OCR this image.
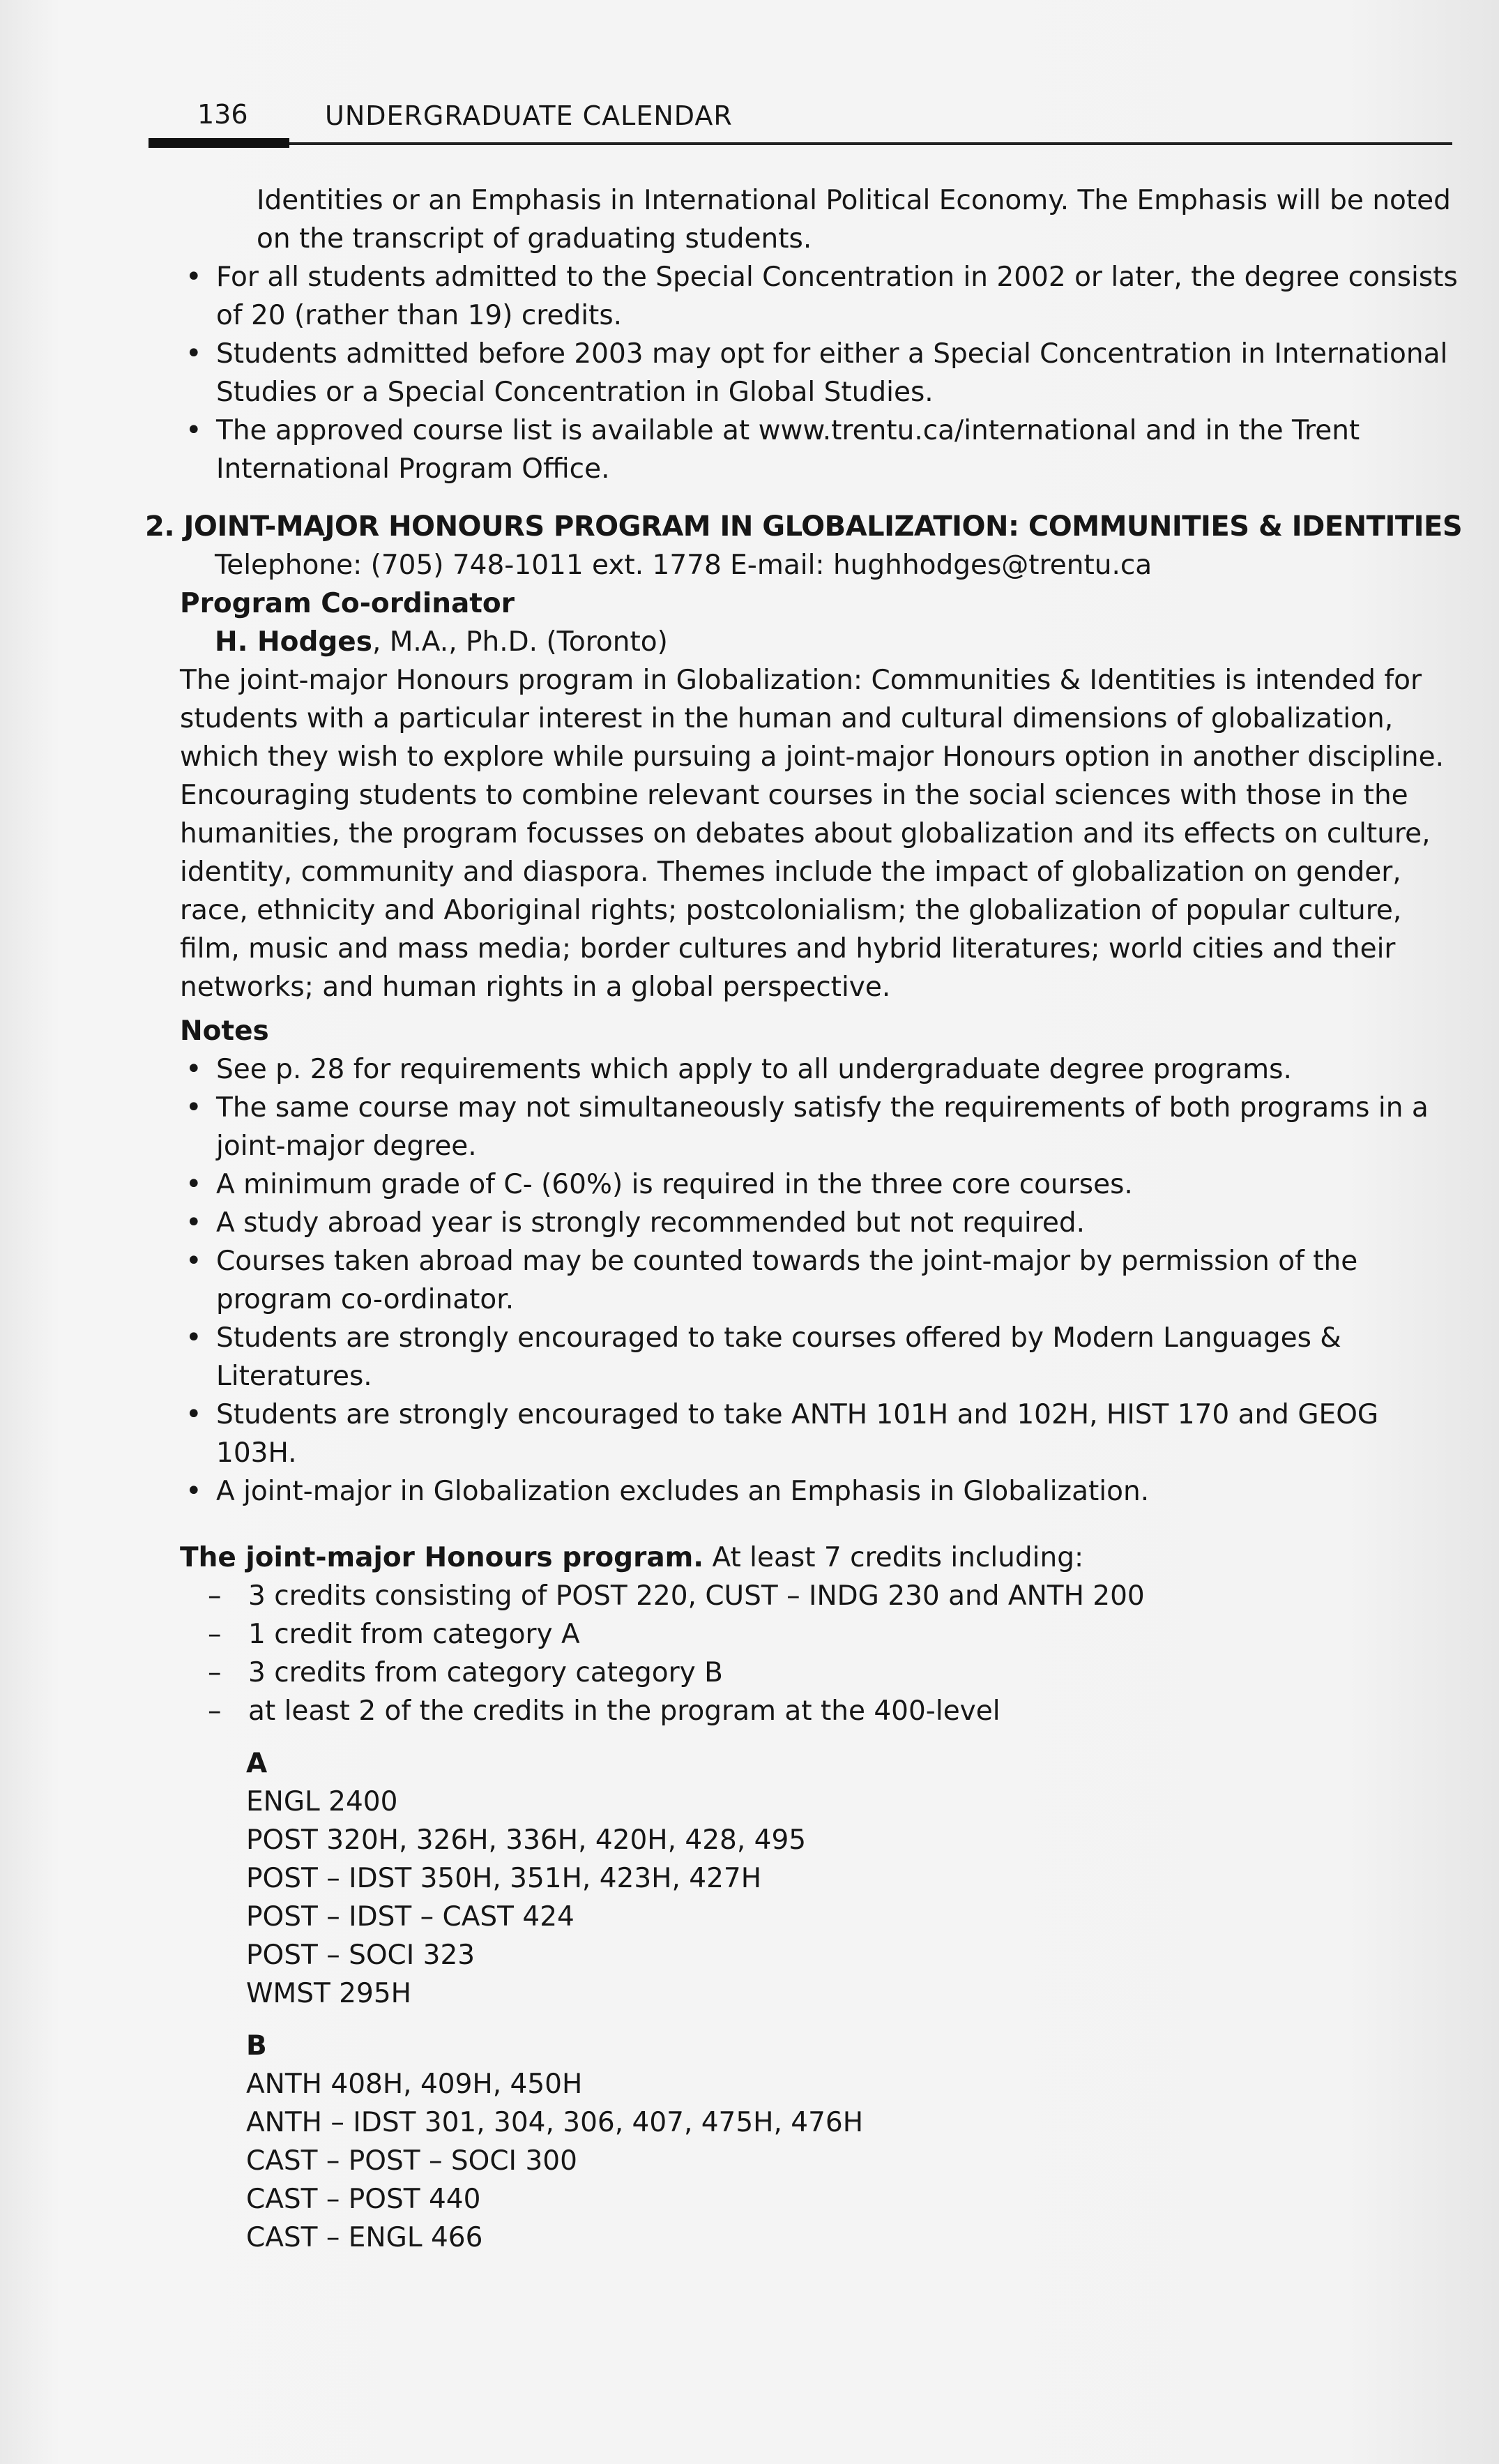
136	UNDERGRADUATE CALENDAR

Identities or an Emphasis in International Political Economy. The Emphasis will be noted on the transcript of graduating students.

• For all students admitted to the Special Concentration in 2002 or later, the degree consists of 20 (rather than 19) credits.
• Students admitted before 2003 may opt for either a Special Concentration in International Studies or a Special Concentration in Global Studies.
• The approved course list is available at www.trentu.ca/international and in the Trent International Program Office.
2. JOINT-MAJOR HONOURS PROGRAM IN GLOBALIZATION: COMMUNITIES & IDENTITIES

Telephone: (705) 748-1011 ext. 1778 E-mail: hughhodges@trentu.ca

Program Co-ordinator

H. Hodges, M.A., Ph.D. (Toronto)

The joint-major Honours program in Globalization: Communities & Identities is intended for students with a particular interest in the human and cultural dimensions of globalization, which they wish to explore while pursuing a joint-major Honours option in another discipline. Encouraging students to combine relevant courses in the social sciences with those in the humanities, the program focusses on debates about globalization and its effects on culture, identity, community and diaspora. Themes include the impact of globalization on gender, race, ethnicity and Aboriginal rights; postcolonialism; the globalization of popular culture, film, music and mass media; border cultures and hybrid literatures; world cities and their networks; and human rights in a global perspective.

Notes

• See p. 28 for requirements which apply to all undergraduate degree programs.
• The same course may not simultaneously satisfy the requirements of both programs in a joint-major degree.
• A minimum grade of C- (60%) is required in the three core courses.
• A study abroad year is strongly recommended but not required.
• Courses taken abroad may be counted towards the joint-major by permission of the program co-ordinator.
• Students are strongly encouraged to take courses offered by Modern Languages & Literatures.
• Students are strongly encouraged to take ANTH 101H and 102H, HIST 170 and GEOG 103H.
• A joint-major in Globalization excludes an Emphasis in Globalization.

The joint-major Honours program. At least 7 credits including:

– 3 credits consisting of POST 220, CUST – INDG 230 and ANTH 200
– 1 credit from category A
– 3 credits from category category B
– at least 2 of the credits in the program at the 400-level
A
ENGL 2400
POST 320H, 326H, 336H, 420H, 428, 495
POST – IDST 350H, 351H, 423H, 427H
POST – IDST – CAST 424
POST – SOCI 323
WMST 295H
B
ANTH 408H, 409H, 450H
ANTH – IDST 301, 304, 306, 407, 475H, 476H
CAST – POST – SOCI 300
CAST – POST 440
CAST – ENGL 466
